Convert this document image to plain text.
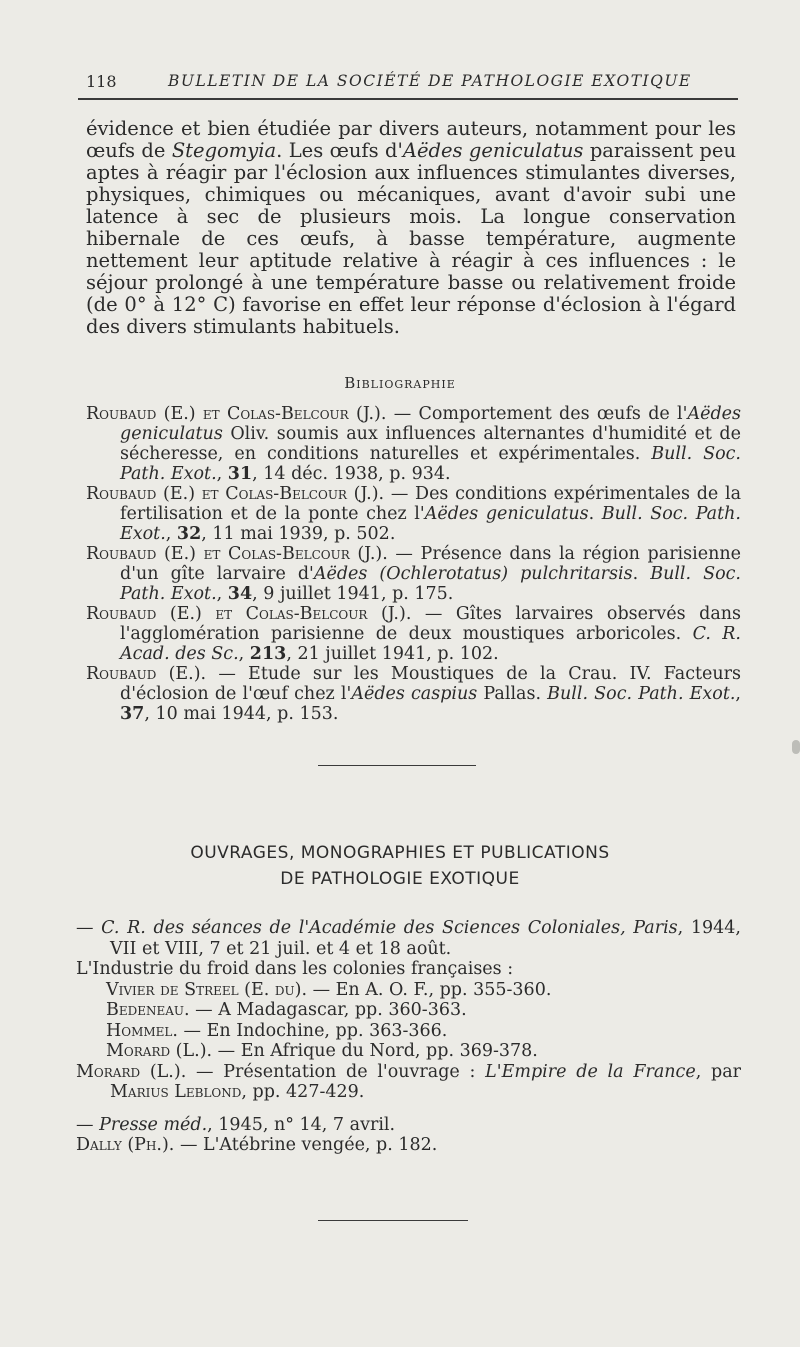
118	BULLETIN DE LA SOCIÉTÉ DE PATHOLOGIE EXOTIQUE

évidence et bien étudiée par divers auteurs, notamment pour les œufs de Stegomyia. Les œufs d'Aëdes geniculatus paraissent peu aptes à réagir par l'éclosion aux influences stimulantes diverses, physiques, chimiques ou mécaniques, avant d'avoir subi une latence à sec de plusieurs mois. La longue conservation hibernale de ces œufs, à basse température, augmente nettement leur aptitude relative à réagir à ces influences : le séjour prolongé à une température basse ou relativement froide (de 0° à 12° C) favorise en effet leur réponse d'éclosion à l'égard des divers stimulants habituels.

Bibliographie

Roubaud (E.) et Colas-Belcour (J.). — Comportement des œufs de l'Aëdes geniculatus Oliv. soumis aux influences alternantes d'humidité et de sécheresse, en conditions naturelles et expérimentales. Bull. Soc. Path. Exot., 31, 14 déc. 1938, p. 934.

Roubaud (E.) et Colas-Belcour (J.). — Des conditions expérimentales de la fertilisation et de la ponte chez l'Aëdes geniculatus. Bull. Soc. Path. Exot., 32, 11 mai 1939, p. 502.

Roubaud (E.) et Colas-Belcour (J.). — Présence dans la région parisienne d'un gîte larvaire d'Aëdes (Ochlerotatus) pulchritarsis. Bull. Soc. Path. Exot., 34, 9 juillet 1941, p. 175.

Roubaud (E.) et Colas-Belcour (J.). — Gîtes larvaires observés dans l'agglomération parisienne de deux moustiques arboricoles. C. R. Acad. des Sc., 213, 21 juillet 1941, p. 102.

Roubaud (E.). — Etude sur les Moustiques de la Crau. IV. Facteurs d'éclosion de l'œuf chez l'Aëdes caspius Pallas. Bull. Soc. Path. Exot., 37, 10 mai 1944, p. 153.

OUVRAGES, MONOGRAPHIES ET PUBLICATIONS
DE PATHOLOGIE EXOTIQUE
— C. R. des séances de l'Académie des Sciences Coloniales, Paris, 1944, VII et VIII, 7 et 21 juil. et 4 et 18 août.
L'Industrie du froid dans les colonies françaises :
Vivier de Streel (E. du). — En A. O. F., pp. 355-360.
Bedeneau. — A Madagascar, pp. 360-363.
Hommel. — En Indochine, pp. 363-366.
Morard (L.). — En Afrique du Nord, pp. 369-378.
Morard (L.). — Présentation de l'ouvrage : L'Empire de la France, par Marius Leblond, pp. 427-429.
— Presse méd., 1945, n° 14, 7 avril.
Dally (Ph.). — L'Atébrine vengée, p. 182.
